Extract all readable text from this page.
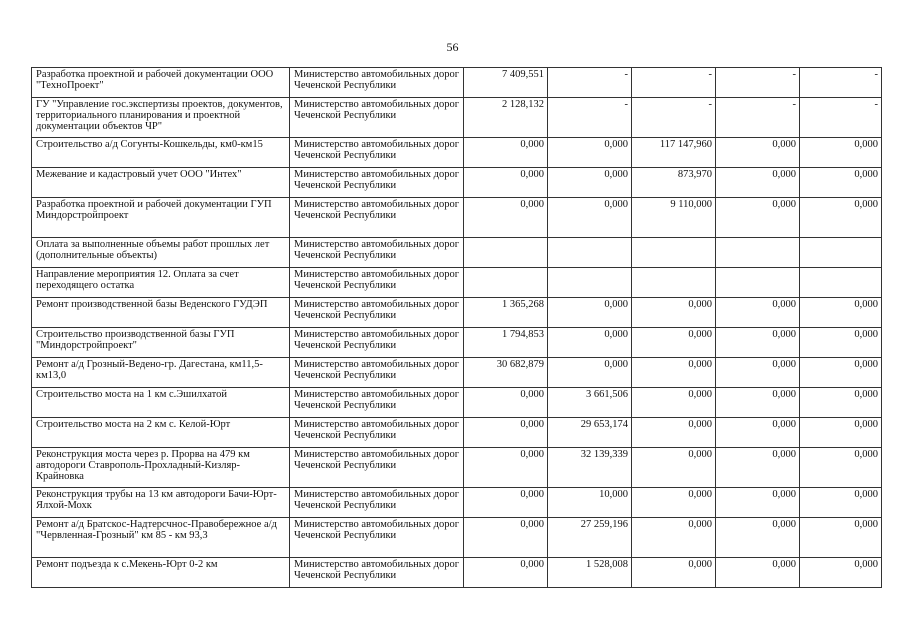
56
Разработка проектной и рабочей документации ООО "ТехноПроект"	Министерство автомобильных дорог Чеченской Республики	7 409,551	-	-	-	-
ГУ "Управление гос.экспертизы проектов, документов, территориального планирования и проектной документации объектов ЧР"	Министерство автомобильных дорог Чеченской Республики	2 128,132	-	-	-	-
Строительство а/д Согунты-Кошкельды, км0-км15	Министерство автомобильных дорог Чеченской Республики	0,000	0,000	117 147,960	0,000	0,000
Межевание и кадастровый учет ООО "Интех"	Министерство автомобильных дорог Чеченской Республики	0,000	0,000	873,970	0,000	0,000
Разработка проектной и рабочей документации ГУП Миндорстройпроект	Министерство автомобильных дорог Чеченской Республики	0,000	0,000	9 110,000	0,000	0,000
Оплата за выполненные объемы работ прошлых лет (дополнительные объекты)	Министерство автомобильных дорог Чеченской Республики					
Направление мероприятия 12. Оплата за счет переходящего остатка	Министерство автомобильных дорог Чеченской Республики					
Ремонт производственной базы Веденского ГУДЭП	Министерство автомобильных дорог Чеченской Республики	1 365,268	0,000	0,000	0,000	0,000
Строительство производственной базы ГУП "Миндорстройпроект"	Министерство автомобильных дорог Чеченской Республики	1 794,853	0,000	0,000	0,000	0,000
Ремонт а/д Грозный-Ведено-гр. Дагестана, км11,5-км13,0	Министерство автомобильных дорог Чеченской Республики	30 682,879	0,000	0,000	0,000	0,000
Строительство моста на 1 км с.Эшилхатой	Министерство автомобильных дорог Чеченской Республики	0,000	3 661,506	0,000	0,000	0,000
Строительство моста на 2 км с. Келой-Юрт	Министерство автомобильных дорог Чеченской Республики	0,000	29 653,174	0,000	0,000	0,000
Реконструкция моста через р. Прорва на 479 км автодороги Ставрополь-Прохладный-Кизляр-Крайновка	Министерство автомобильных дорог Чеченской Республики	0,000	32 139,339	0,000	0,000	0,000
Реконструкция трубы на 13 км автодороги Бачи-Юрт-Ялхой-Мохк	Министерство автомобильных дорог Чеченской Республики	0,000	10,000	0,000	0,000	0,000
Ремонт а/д Братскос-Надтерсчнос-Правобережное а/д "Червленная-Грозный" км 85 - км 93,3	Министерство автомобильных дорог Чеченской Республики	0,000	27 259,196	0,000	0,000	0,000
Ремонт подъезда к с.Мекень-Юрт 0-2 км	Министерство автомобильных дорог Чеченской Республики	0,000	1 528,008	0,000	0,000	0,000
